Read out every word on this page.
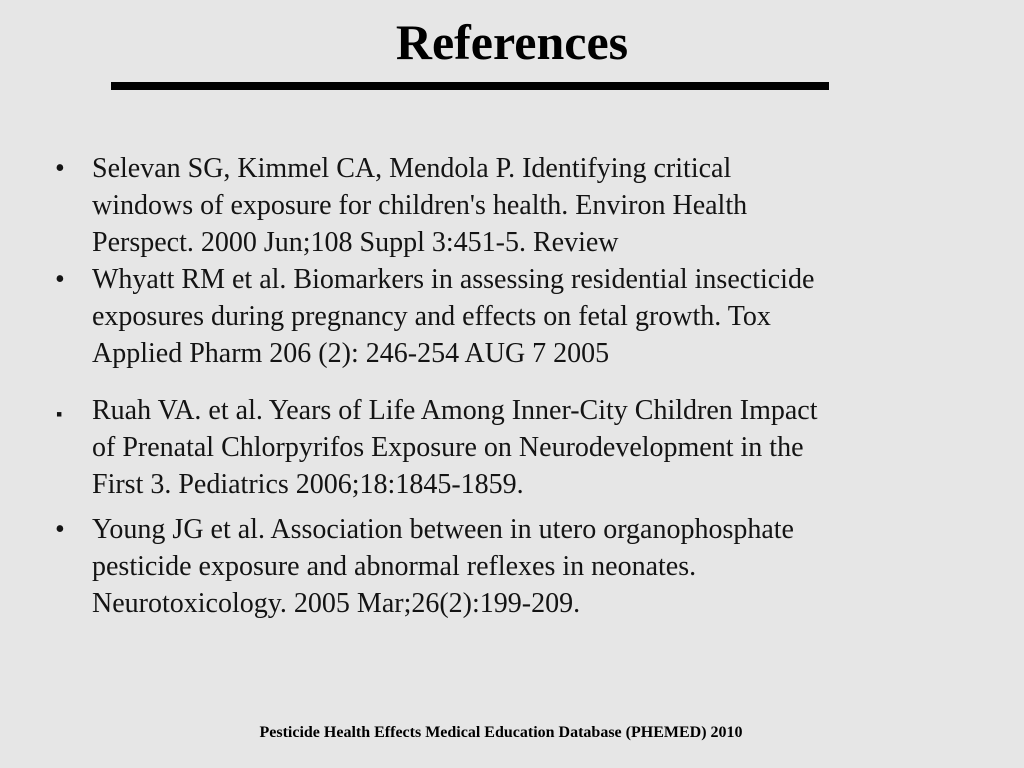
References
• Selevan SG, Kimmel CA, Mendola P. Identifying critical
windows of exposure for children's health. Environ Health
Perspect. 2000 Jun;108 Suppl 3:451-5. Review
• Whyatt RM et al. Biomarkers in assessing residential insecticide
exposures during pregnancy and effects on fetal growth. Tox
Applied Pharm 206 (2): 246-254 AUG 7 2005
▪	Ruah VA. et al. Years of Life Among Inner-City Children Impact
of Prenatal Chlorpyrifos Exposure on Neurodevelopment in the
First 3. Pediatrics 2006;18:1845-1859.
• Young JG et al. Association between in utero organophosphate
pesticide exposure and abnormal reflexes in neonates.
Neurotoxicology. 2005 Mar;26(2):199-209.
Pesticide Health Effects Medical Education Database (PHEMED) 2010
